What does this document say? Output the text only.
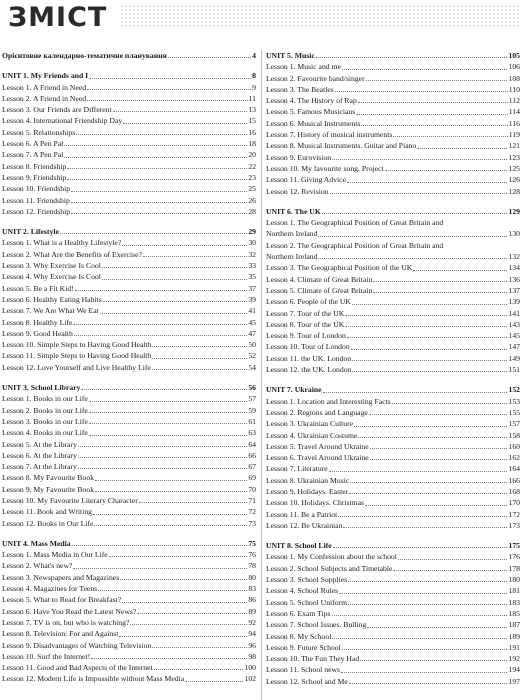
ЗМІСТ
Орієнтовне календарно-тематичне планування	4
UNIT 1. My Friends and I	8
Lesson 1. A Friend in Need	9
Lesson 2. A Friend in Need	11
Lesson 3. Our Friends are Different	13
Lesson 4. International Friendship Day	15
Lesson 5. Relationships	16
Lesson 6. A Pen Pal	18
Lesson 7. A Pen Pal	20
Lesson 8. Friendship	22
Lesson 9. Friendship	23
Lesson 10. Friendship	25
Lesson 11. Friendship	26
Lesson 12. Friendship	28
UNIT 2. Lifestyle	29
Lesson 1. What is a Healthy Lifestyle?	30
Lesson 2. What Are the Benefits of Exercise?	32
Lesson 3. Why Exercise Is Cool	33
Lesson 4. Why Exercise Is Cool	35
Lesson 5. Be a Fit Kid!	37
Lesson 6. Healthy Eating Habits	39
Lesson 7. We Are What We Eat	41
Lesson 8. Healthy Life	45
Lesson 9. Good Health	47
Lesson 10. Simple Steps to Having Good Health	50
Lesson 11. Simple Steps to Having Good Health	52
Lesson 12. Love Yourself and Live Healthy Life	54
UNIT 3. School Library	56
Lesson 1. Books in our Life	57
Lesson 2. Books in our Life	59
Lesson 3. Books in our Life	61
Lesson 4. Books in our Life	63
Lesson 5. At the Library	64
Lesson 6. At the Library	66
Lesson 7. At the Library	67
Lesson 8. My Favourite Book	69
Lesson 9. My Favourite Book	70
Lesson 10. My Favourite Literary Character	71
Lesson 11. Book and Writing	72
Lesson 12. Books in Our Life	73
UNIT 4. Mass Media	75
Lesson 1. Mass Media in Our Life	76
Lesson 2. What's new?	78
Lesson 3. Newspapers and Magazines	80
Lesson 4. Magazines for Teens	83
Lesson 5. What to Read for Breakfast?	86
Lesson 6. Have You Read the Latest News?	89
Lesson 7. TV is on, but who is watching?	92
Lesson 8. Television: For and Against	94
Lesson 9. Disadvantages of Watching Television	96
Lesson 10. Surf the Internet!	98
Lesson 11. Good and Bad Aspects of the Internet	100
Lesson 12. Modern Life is Impossible without Mass Media	102
UNIT 5. Music	105
Lesson 1. Music and me	106
Lesson 2. Favourite band/singer	108
Lesson 3. The Beatles	110
Lesson 4. The History of Rap	112
Lesson 5. Famous Musicians	114
Lesson 6. Musical Instruments	116
Lesson 7. History of musical instruments	119
Lesson 8. Musical Instruments. Guitar and Piano	121
Lesson 9. Eurovision	123
Lesson 10. My favourite song. Project	125
Lesson 11. Giving Advice	126
Lesson 12. Revision	128
UNIT 6. The UK	129
Lesson 1. The Geographical Position of Great Britain and
Northern Ireland	130
Lesson 2. The Geographical Position of Great Britain and
Northern Ireland	132
Lesson 3. The Geographical Position of the UK	134
Lesson 4. Climate of Great Britain	136
Lesson 5. Climate of Great Britain	137
Lesson 6. People of the UK	139
Lesson 7. Tour of the UK	141
Lesson 8. Tour of the UK	143
Lesson 9. Tour of London	145
Lesson 10. Tour of London	147
Lesson 11. the UK. London	149
Lesson 12. the UK. London	151
UNIT 7. Ukraine	152
Lesson 1. Location and Interesting Facts	153
Lesson 2. Regions and Language	155
Lesson 3. Ukrainian Culture	157
Lesson 4. Ukrainian Costume	158
Lesson 5. Travel Around Ukraine	160
Lesson 6. Travel Around Ukraine	162
Lesson 7. Literature	164
Lesson 8. Ukrainian Music	166
Lesson 9. Holidays. Easter	168
Lesson 10. Holidays. Christmas	170
Lesson 11. Be a Patriot	172
Lesson 12. Be Ukrainian	173
UNIT 8. School Life	175
Lesson 1. My Confession about the school	176
Lesson 2. School Subjects and Timetable	178
Lesson 3. School Supplies	180
Lesson 4. School Rules	181
Lesson 5. School Uniform	183
Lesson 6. Exam Tips	185
Lesson 7. School Issues. Bulling	187
Lesson 8. My School	189
Lesson 9. Future School	191
Lesson 10. The Fun They Had	192
Lesson 11. School news	194
Lesson 12. School and Me	197
